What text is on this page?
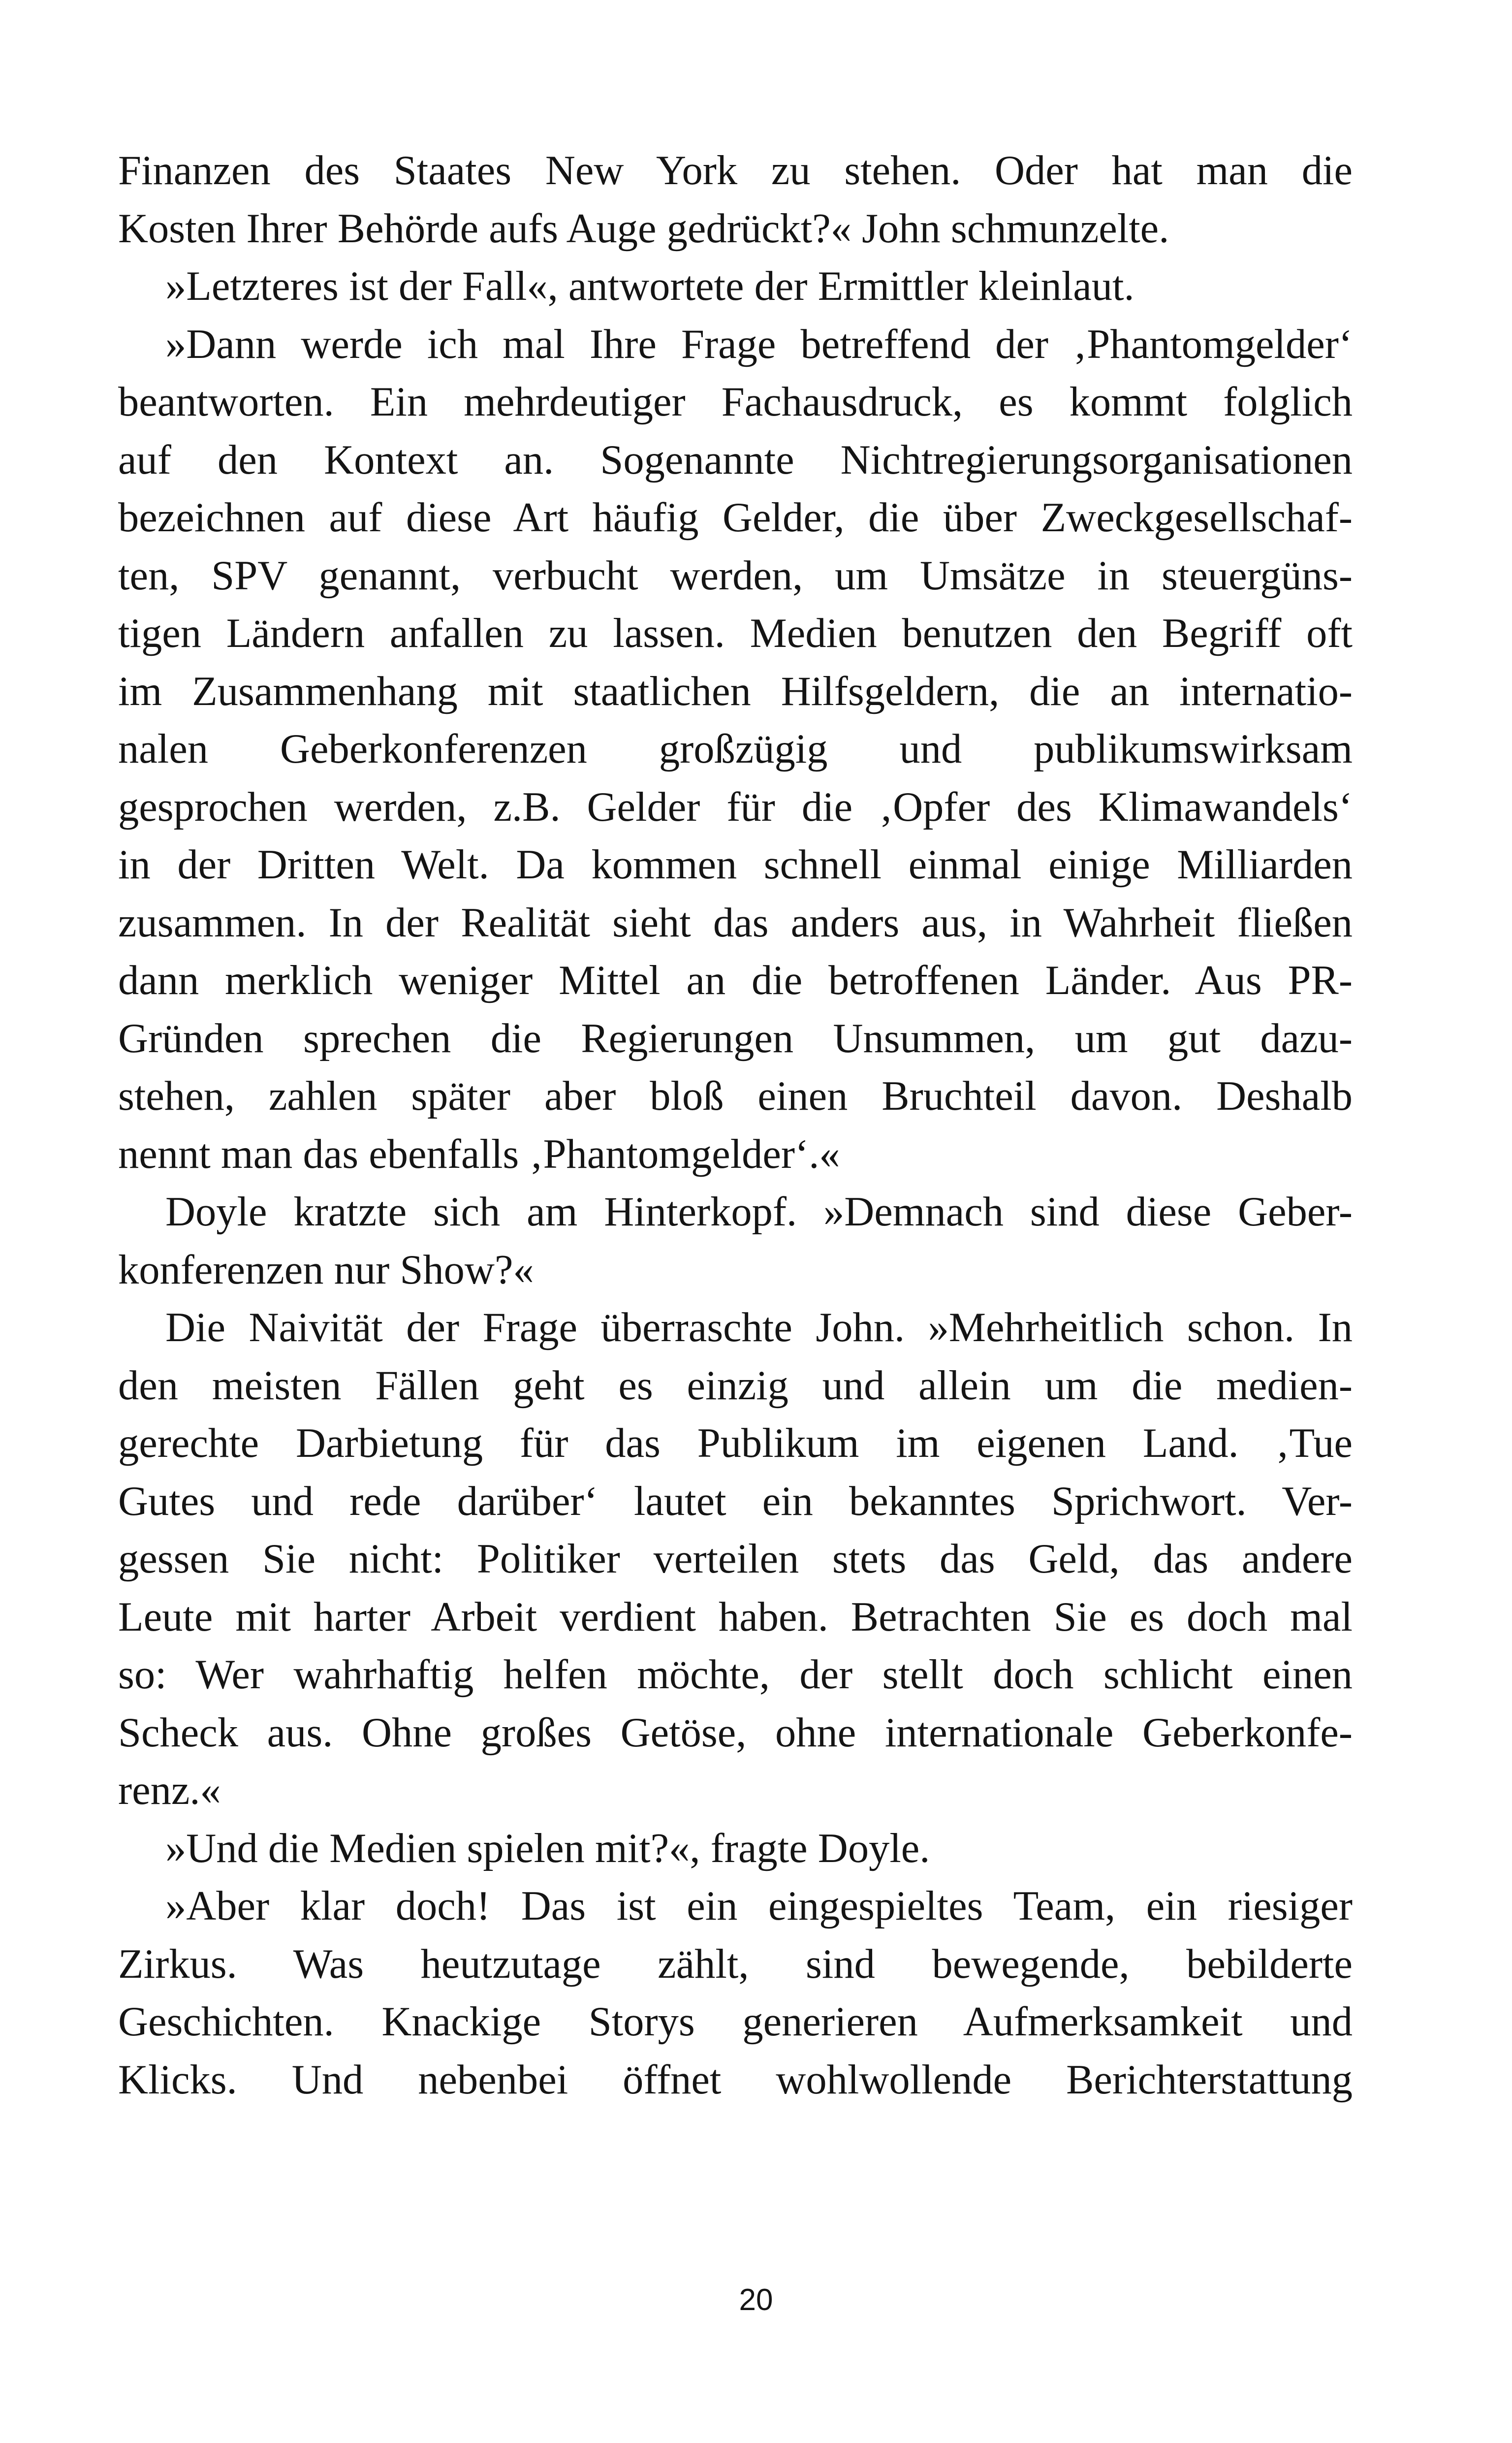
Finanzen des Staates New York zu stehen. Oder hat man die
Kosten Ihrer Behörde aufs Auge gedrückt?« John schmunzelte.
»Letzteres ist der Fall«, antwortete der Ermittler kleinlaut.
»Dann werde ich mal Ihre Frage betreffend der ‚Phantomgelder‘
beantworten. Ein mehrdeutiger Fachausdruck, es kommt folglich
auf den Kontext an. Sogenannte Nichtregierungsorganisationen
bezeichnen auf diese Art häufig Gelder, die über Zweckgesellschaf-
ten, SPV genannt, verbucht werden, um Umsätze in steuergüns-
tigen Ländern anfallen zu lassen. Medien benutzen den Begriff oft
im Zusammenhang mit staatlichen Hilfsgeldern, die an internatio-
nalen Geberkonferenzen großzügig und publikumswirksam
gesprochen werden, z.B. Gelder für die ‚Opfer des Klimawandels‘
in der Dritten Welt. Da kommen schnell einmal einige Milliarden
zusammen. In der Realität sieht das anders aus, in Wahrheit fließen
dann merklich weniger Mittel an die betroffenen Länder. Aus PR-
Gründen sprechen die Regierungen Unsummen, um gut dazu-
stehen, zahlen später aber bloß einen Bruchteil davon. Deshalb
nennt man das ebenfalls ‚Phantomgelder‘.«
Doyle kratzte sich am Hinterkopf. »Demnach sind diese Geber-
konferenzen nur Show?«
Die Naivität der Frage überraschte John. »Mehrheitlich schon. In
den meisten Fällen geht es einzig und allein um die medien-
gerechte Darbietung für das Publikum im eigenen Land. ‚Tue
Gutes und rede darüber‘ lautet ein bekanntes Sprichwort. Ver-
gessen Sie nicht: Politiker verteilen stets das Geld, das andere
Leute mit harter Arbeit verdient haben. Betrachten Sie es doch mal
so: Wer wahrhaftig helfen möchte, der stellt doch schlicht einen
Scheck aus. Ohne großes Getöse, ohne internationale Geberkonfe-
renz.«
»Und die Medien spielen mit?«, fragte Doyle.
»Aber klar doch! Das ist ein eingespieltes Team, ein riesiger
Zirkus. Was heutzutage zählt, sind bewegende, bebilderte
Geschichten. Knackige Storys generieren Aufmerksamkeit und
Klicks. Und nebenbei öffnet wohlwollende Berichterstattung
20
